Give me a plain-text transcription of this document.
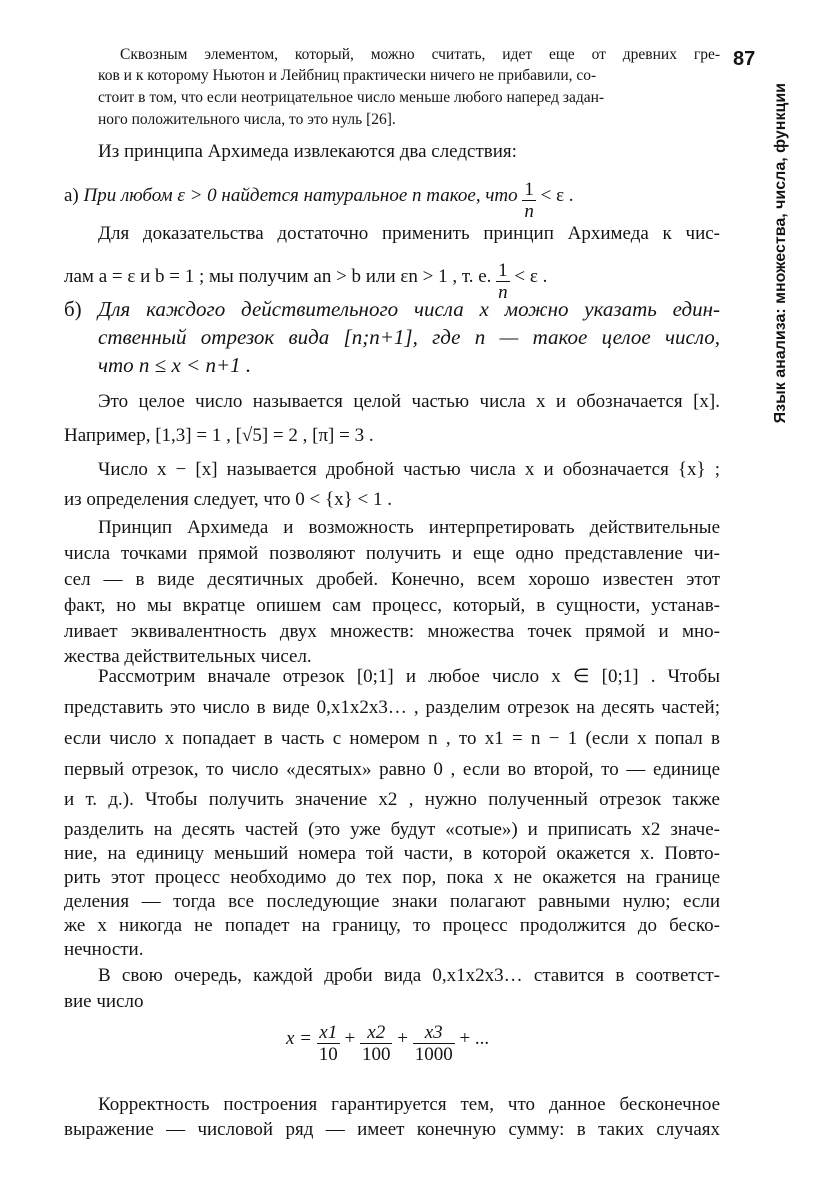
87
Язык анализа: множества, числа, функции
Сквозным элементом, который, можно считать, идет еще от древних гре-
ков и к которому Ньютон и Лейбниц практически ничего не прибавили, со-
стоит в том, что если неотрицательное число меньше любого наперед задан-
ного положительного числа, то это нуль [26].
Из принципа Архимеда извлекаются два следствия:
а) При любом ε > 0 найдется натуральное n такое, что $\frac{1}{n} < \varepsilon$ .
Для доказательства достаточно применить принцип Архимеда к чис-
лам a = ε и b = 1 ; мы получим an > b или εn > 1 , т. е. $\frac{1}{n} < \varepsilon$ .
б) Для каждого действительного числа x можно указать един-
ственный отрезок вида [n;n+1], где n — такое целое число,
что n ≤ x < n+1 .
Это целое число называется целой частью числа x и обозначается [x].
Например, [1,3] = 1 , [√5] = 2 , [π] = 3 .
Число x − [x] называется дробной частью числа x и обозначается {x} ;
из определения следует, что 0 < {x} < 1 .
Принцип Архимеда и возможность интерпретировать действительные
числа точками прямой позволяют получить и еще одно представление чи-
сел — в виде десятичных дробей. Конечно, всем хорошо известен этот
факт, но мы вкратце опишем сам процесс, который, в сущности, устанав-
ливает эквивалентность двух множеств: множества точек прямой и мно-
жества действительных чисел.
Рассмотрим вначале отрезок [0;1] и любое число x ∈ [0;1] . Чтобы
представить это число в виде 0,x1x2x3… , разделим отрезок на десять частей;
если число x попадает в часть с номером n , то x1 = n − 1 (если x попал в
первый отрезок, то число «десятых» равно 0 , если во второй, то — единице
и т. д.). Чтобы получить значение x2 , нужно полученный отрезок также
разделить на десять частей (это уже будут «сотые») и приписать x2 значе-
ние, на единицу меньший номера той части, в которой окажется x. Повто-
рить этот процесс необходимо до тех пор, пока x не окажется на границе
деления — тогда все последующие знаки полагают равными нулю; если
же x никогда не попадет на границу, то процесс продолжится до беско-
нечности.
В свою очередь, каждой дроби вида 0,x1x2x3… ставится в соответст-
вие число
$x = \frac{x1}{10} + \frac{x2}{100} + \frac{x3}{1000}$ + ...
Корректность построения гарантируется тем, что данное бесконечное
выражение — числовой ряд — имеет конечную сумму: в таких случаях
